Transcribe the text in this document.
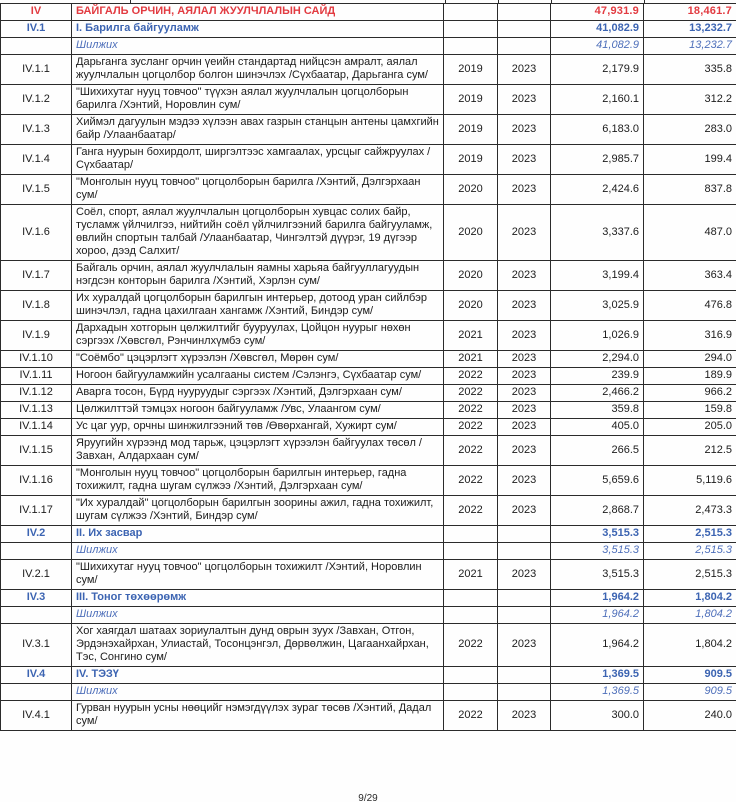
IV	БАЙГАЛЬ ОРЧИН, АЯЛАЛ ЖУУЛЧЛАЛЫН САЙД			47,931.9	18,461.7
IV.1	I. Барилга байгууламж			41,082.9	13,232.7
	Шилжих			41,082.9	13,232.7
IV.1.1	Дарьганга зусланг орчин үеийн стандартад нийцсэн амралт, аялал жуулчлалын цогцолбор болгон шинэчлэх /Сүхбаатар, Дарьганга сум/	2019	2023	2,179.9	335.8
IV.1.2	"Шихихутаг нууц товчоо" түүхэн аялал жуулчлалын цогцолборын барилга /Хэнтий, Норовлин сум/	2019	2023	2,160.1	312.2
IV.1.3	Хиймэл дагуулын мэдээ хүлээн авах газрын станцын антены цамхгийн байр /Улаанбаатар/	2019	2023	6,183.0	283.0
IV.1.4	Ганга нуурын бохирдолт, ширгэлтээс хамгаалах, урсцыг сайжруулах /Сүхбаатар/	2019	2023	2,985.7	199.4
IV.1.5	"Монголын нууц товчоо" цогцолборын барилга /Хэнтий, Дэлгэрхаан сум/	2020	2023	2,424.6	837.8
IV.1.6	Соёл, спорт, аялал жуулчлалын цогцолборын хувцас солих байр, тусламж үйлчилгээ, нийтийн соёл үйлчилгээний барилга байгууламж, өвлийн спортын талбай /Улаанбаатар, Чингэлтэй дүүрэг, 19 дүгээр хороо, дээд Салхит/	2020	2023	3,337.6	487.0
IV.1.7	Байгаль орчин, аялал жуулчлалын яамны харьяа байгууллагуудын нэгдсэн конторын барилга /Хэнтий, Хэрлэн сум/	2020	2023	3,199.4	363.4
IV.1.8	Их хуралдай цогцолборын барилгын интерьер, дотоод уран сийлбэр шинэчлэл, гадна цахилгаан хангамж /Хэнтий, Биндэр сум/	2020	2023	3,025.9	476.8
IV.1.9	Дархадын хотгорын цөлжилтийг бууруулах, Цойцон нуурыг нөхөн сэргээх /Хөвсгөл, Рэнчинлхүмбэ сум/	2021	2023	1,026.9	316.9
IV.1.10	"Соёмбо" цэцэрлэгт хүрээлэн /Хөвсгөл, Мөрөн сум/	2021	2023	2,294.0	294.0
IV.1.11	Ногоон байгууламжийн усалгааны систем /Сэлэнгэ, Сүхбаатар сум/	2022	2023	239.9	189.9
IV.1.12	Аварга тосон, Бүрд нууруудыг сэргээх /Хэнтий, Дэлгэрхаан сум/	2022	2023	2,466.2	966.2
IV.1.13	Цөлжилттэй тэмцэх ногоон байгууламж /Увс, Улаангом сум/	2022	2023	359.8	159.8
IV.1.14	Ус цаг уур, орчны шинжилгээний төв /Өвөрхангай, Хужирт сум/	2022	2023	405.0	205.0
IV.1.15	Яруугийн хүрээнд мод тарьж, цэцэрлэгт хүрээлэн байгуулах төсөл /Завхан, Алдархаан сум/	2022	2023	266.5	212.5
IV.1.16	"Монголын нууц товчоо" цогцолборын барилгын интерьер, гадна тохижилт, гадна шугам сүлжээ /Хэнтий, Дэлгэрхаан сум/	2022	2023	5,659.6	5,119.6
IV.1.17	"Их хуралдай" цогцолборын барилгын зоорины ажил, гадна тохижилт, шугам сүлжээ /Хэнтий, Биндэр сум/	2022	2023	2,868.7	2,473.3
IV.2	II. Их засвар			3,515.3	2,515.3
	Шилжих			3,515.3	2,515.3
IV.2.1	"Шихихутаг нууц товчоо" цогцолборын тохижилт /Хэнтий, Норовлин сум/	2021	2023	3,515.3	2,515.3
IV.3	III. Тоног төхөөрөмж			1,964.2	1,804.2
	Шилжих			1,964.2	1,804.2
IV.3.1	Хог хаягдал шатаах зориулалтын дунд оврын зуух /Завхан, Отгон, Эрдэнэхайрхан, Улиастай, Тосонцэнгэл, Дөрвөлжин, Цагаанхайрхан, Тэс, Сонгино сум/	2022	2023	1,964.2	1,804.2
IV.4	IV. ТЭЗҮ			1,369.5	909.5
	Шилжих			1,369.5	909.5
IV.4.1	Гурван нуурын усны нөөцийг нэмэгдүүлэх зураг төсөв /Хэнтий, Дадал сум/	2022	2023	300.0	240.0
9/29
